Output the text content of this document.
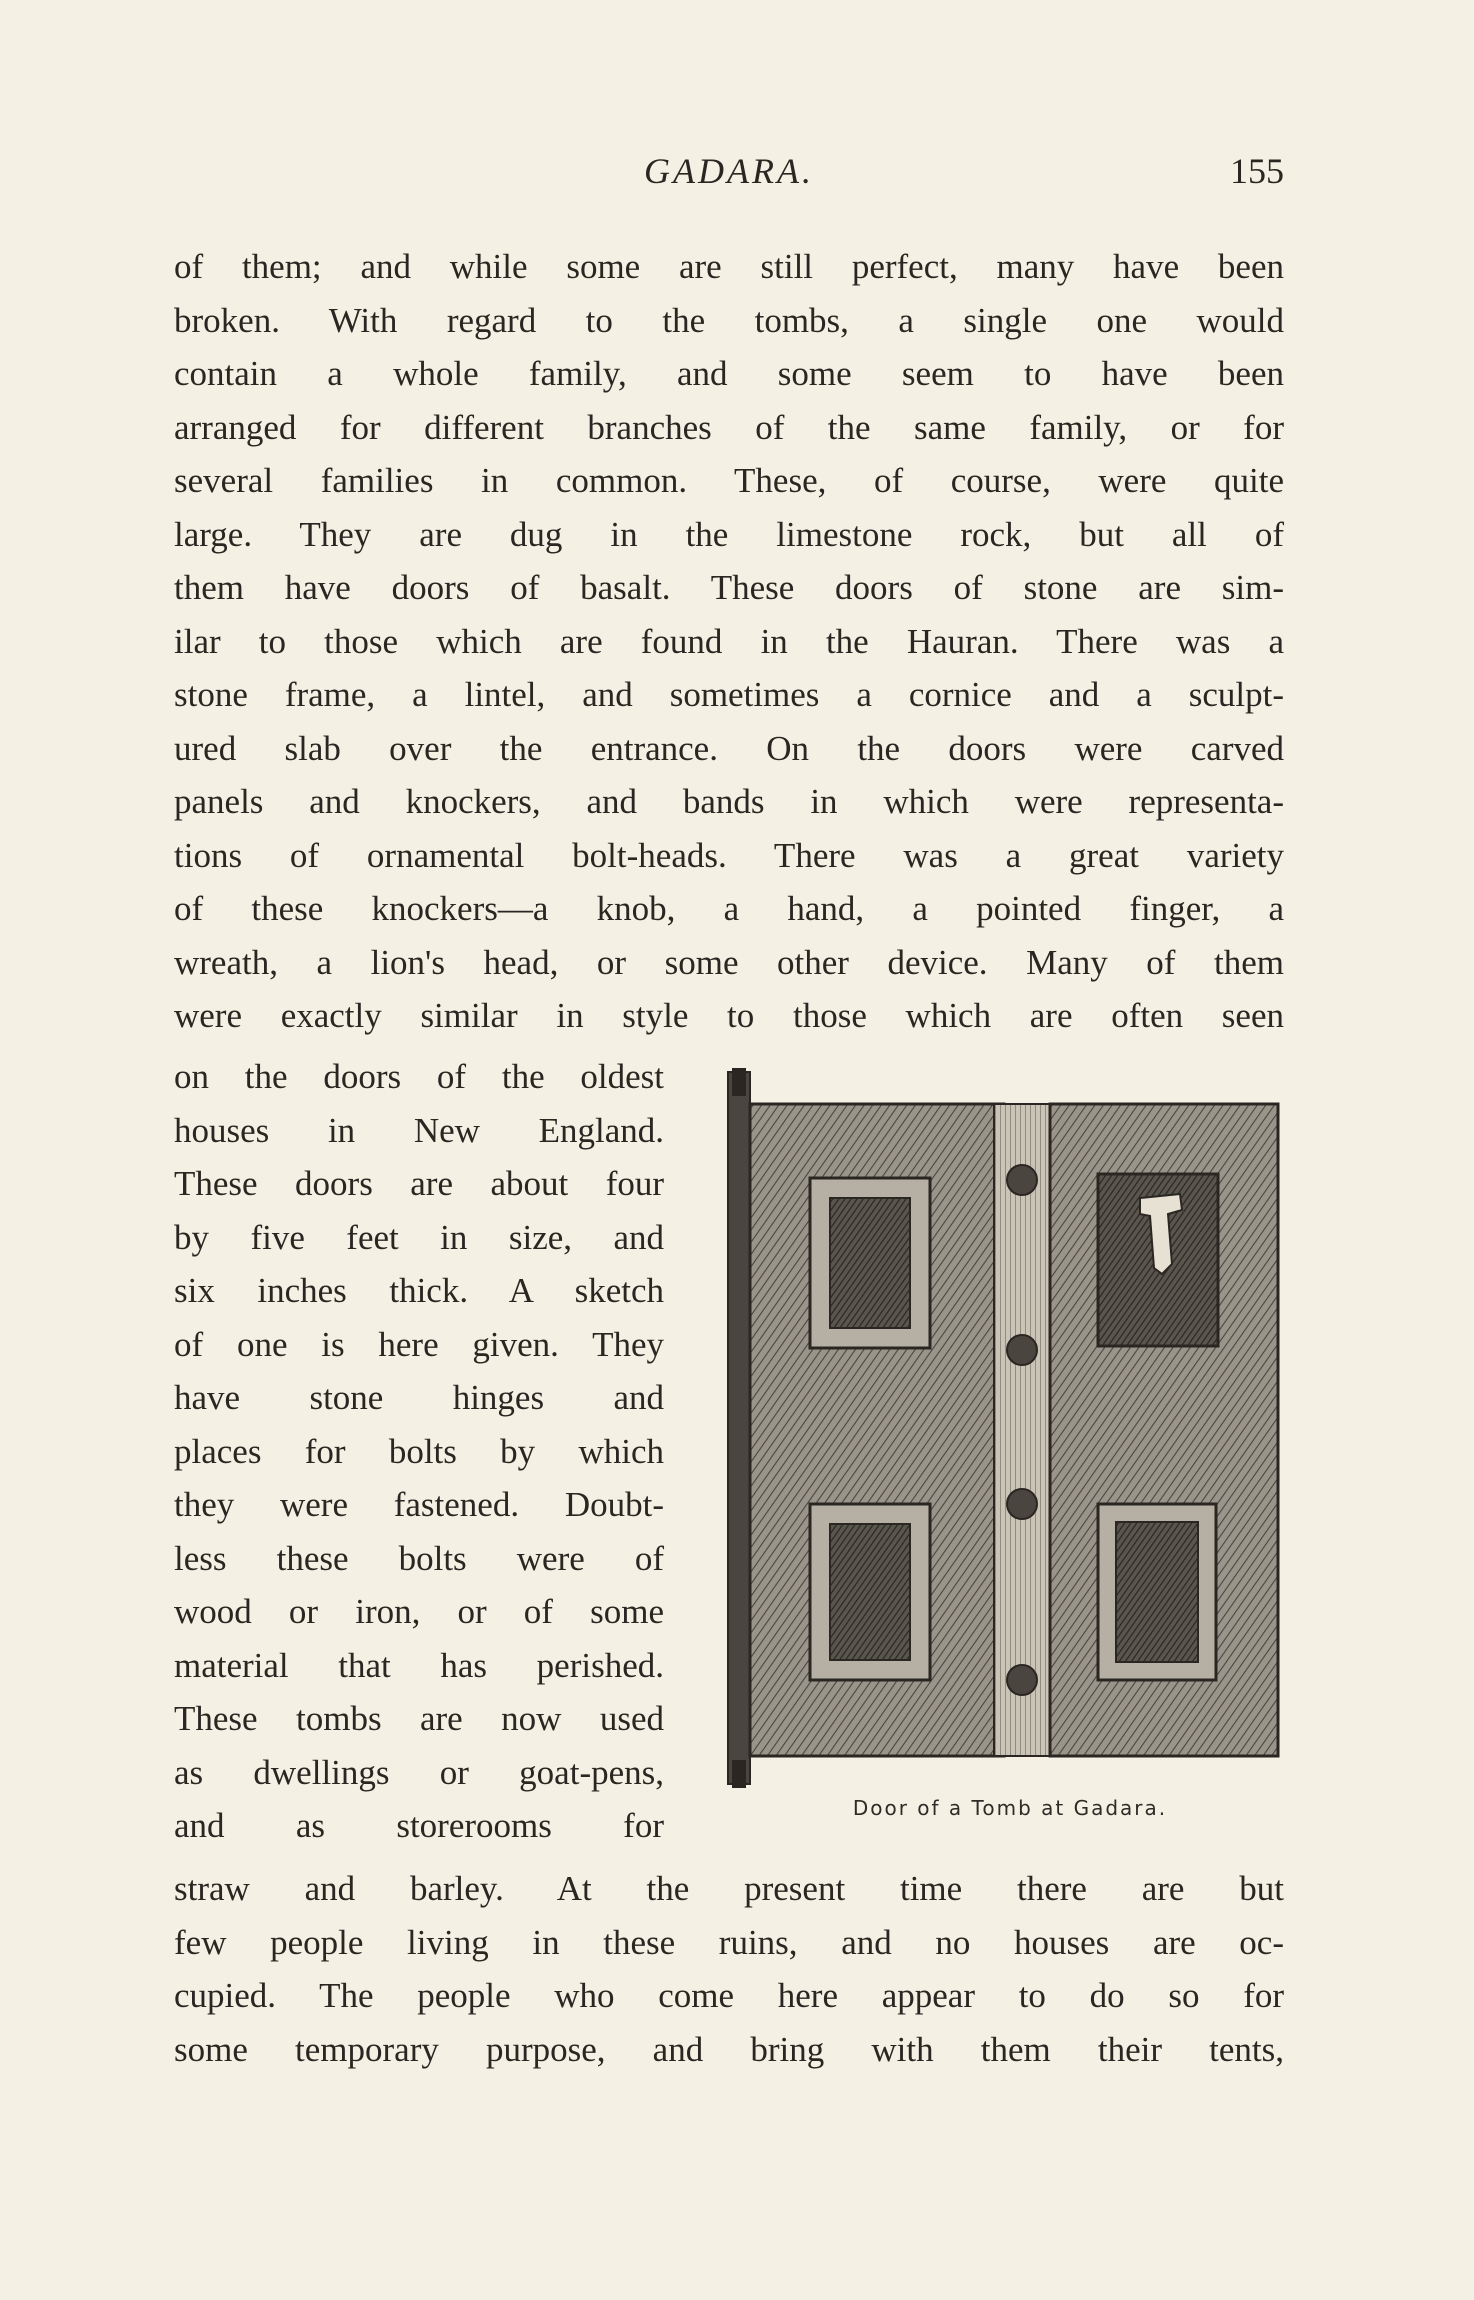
GADARA.	155
of them; and while some are still perfect, many have been
broken. With regard to the tombs, a single one would
contain a whole family, and some seem to have been
arranged for different branches of the same family, or for
several families in common. These, of course, were quite
large. They are dug in the limestone rock, but all of
them have doors of basalt. These doors of stone are sim-
ilar to those which are found in the Hauran. There was a
stone frame, a lintel, and sometimes a cornice and a sculpt-
ured slab over the entrance. On the doors were carved
panels and knockers, and bands in which were representa-
tions of ornamental bolt-heads. There was a great variety
of these knockers—a knob, a hand, a pointed finger, a
wreath, a lion's head, or some other device. Many of them
were exactly similar in style to those which are often seen
on the doors of the oldest
houses in New England.
These doors are about four
by five feet in size, and
six inches thick. A sketch
of one is here given. They
have stone hinges and
places for bolts by which
they were fastened. Doubt-
less these bolts were of
wood or iron, or of some
material that has perished.
These tombs are now used
as dwellings or goat-pens,
and as storerooms for	Door of a Tomb at Gadara.
straw and barley. At the present time there are but
few people living in these ruins, and no houses are oc-
cupied. The people who come here appear to do so for
some temporary purpose, and bring with them their tents,
